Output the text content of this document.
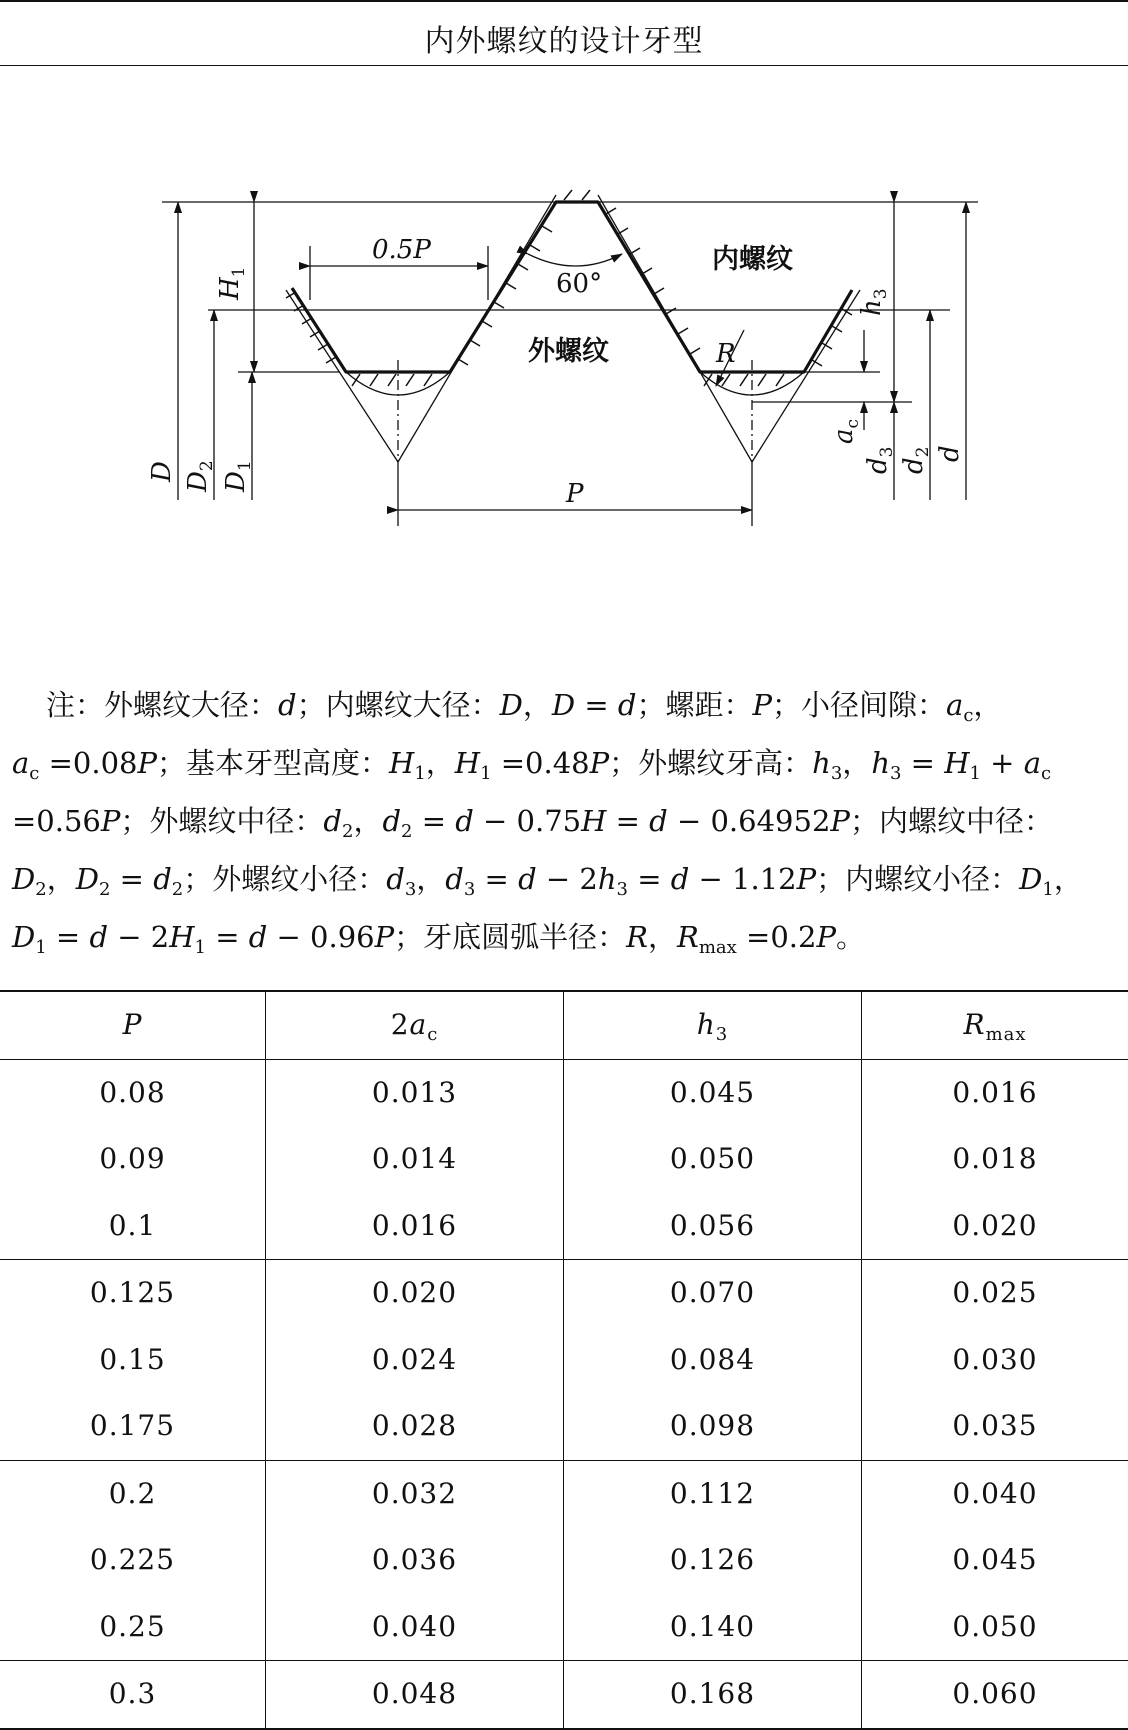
内外螺纹的设计牙型
0.5P
P
60°
内螺纹
外螺纹	R
$H_1$
$h_3$
$a_c$
D $D_2$
$D_1$	$d_3$
$d_2$ d
注：外螺纹大径：d；内螺纹大径：D，D = d；螺距：P；小径间隙：$a_c$，
$a_c =0.08P$；基本牙型高度：$H_1$，$H_1 =0.48P$；外螺纹牙高：$h_3$，$h_3 = H_1 + a_c$
=0.56P；外螺纹中径：$d_2$，$d_2 = d - 0.75H = d - 0.64952P$；内螺纹中径：
$D_2$，$D_2 = d_2$；外螺纹小径：$d_3$，$d_3 = d - 2h_3 = d - 1.12P$；内螺纹小径：$D_1$，
$D_1 = d - 2H_1 = d - 0.96P$；牙底圆弧半径：R，$R_{max} =0.2P$。
P	$2a_c$	$h_3$	$R_{max}$
0.08	0.013	0.045	0.016
0.09	0.014	0.050	0.018
0.1	0.016	0.056	0.020
0.125	0.020	0.070	0.025
0.15	0.024	0.084	0.030
0.175	0.028	0.098	0.035
0.2	0.032	0.112	0.040
0.225	0.036	0.126	0.045
0.25	0.040	0.140	0.050
0.3	0.048	0.168	0.060
